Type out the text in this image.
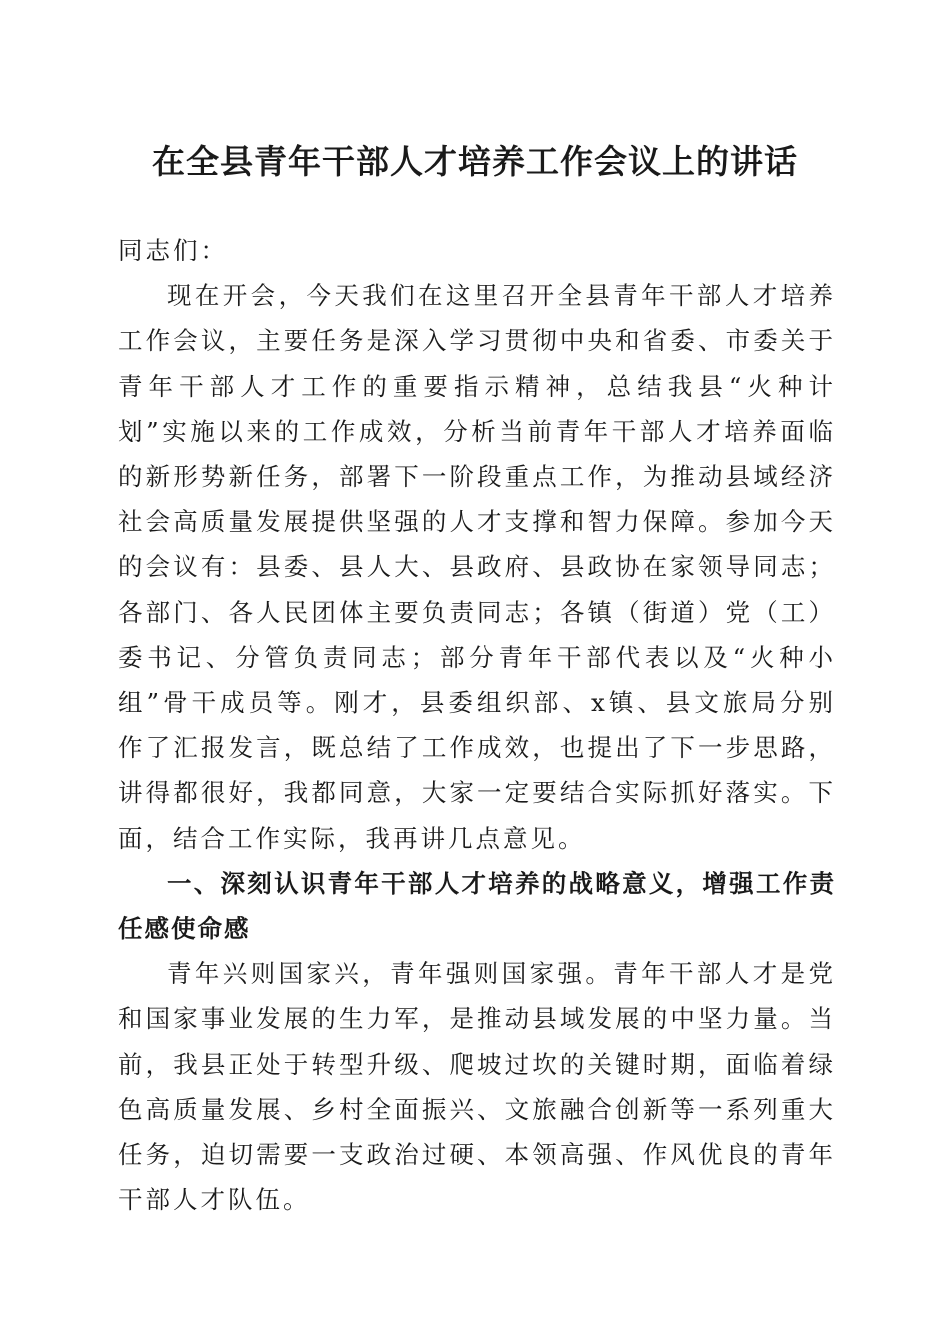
在全县青年干部人才培养工作会议上的讲话

同志们：

现在开会，今天我们在这里召开全县青年干部人才培养工作会议，主要任务是深入学习贯彻中央和省委、市委关于青年干部人才工作的重要指示精神，总结我县“火种计划”实施以来的工作成效，分析当前青年干部人才培养面临的新形势新任务，部署下一阶段重点工作，为推动县域经济社会高质量发展提供坚强的人才支撑和智力保障。参加今天的会议有：县委、县人大、县政府、县政协在家领导同志；各部门、各人民团体主要负责同志；各镇（街道）党（工）委书记、分管负责同志；部分青年干部代表以及“火种小组”骨干成员等。刚才，县委组织部、x镇、县文旅局分别作了汇报发言，既总结了工作成效，也提出了下一步思路，讲得都很好，我都同意，大家一定要结合实际抓好落实。下面，结合工作实际，我再讲几点意见。

一、深刻认识青年干部人才培养的战略意义，增强工作责任感使命感

青年兴则国家兴，青年强则国家强。青年干部人才是党和国家事业发展的生力军，是推动县域发展的中坚力量。当前，我县正处于转型升级、爬坡过坎的关键时期，面临着绿色高质量发展、乡村全面振兴、文旅融合创新等一系列重大任务，迫切需要一支政治过硬、本领高强、作风优良的青年干部人才队伍。
